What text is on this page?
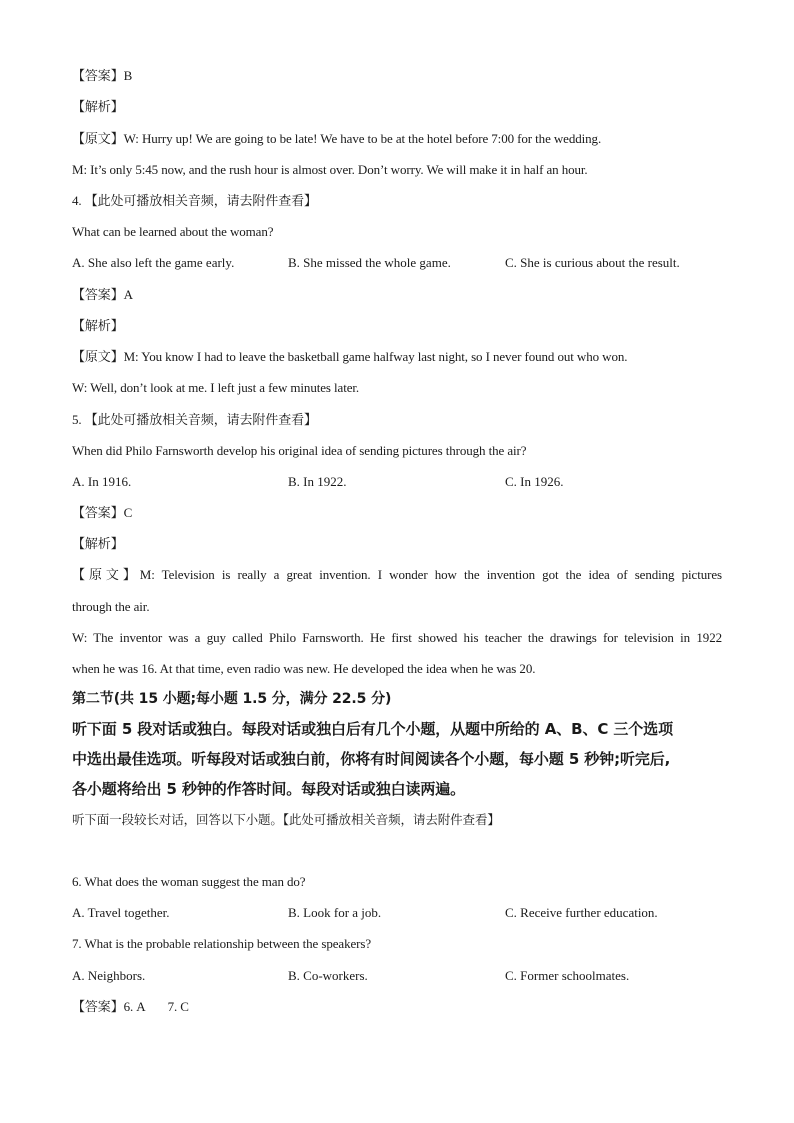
【答案】B
【解析】
【原文】W: Hurry up! We are going to be late! We have to be at the hotel before 7:00 for the wedding.
M: It’s only 5:45 now, and the rush hour is almost over. Don’t worry. We will make it in half an hour.
4. 【此处可播放相关音频，请去附件查看】
What can be learned about the woman?
A. She also left the game early.	B. She missed the whole game.	C. She is curious about the result.
【答案】A
【解析】
【原文】M: You know I had to leave the basketball game halfway last night, so I never found out who won.
W: Well, don’t look at me. I left just a few minutes later.
5. 【此处可播放相关音频，请去附件查看】
When did Philo Farnsworth develop his original idea of sending pictures through the air?
A. In 1916.	B. In 1922.	C. In 1926.
【答案】C
【解析】
【原文】M: Television is really a great invention. I wonder how the invention got the idea of sending pictures
through the air.
W: The inventor was a guy called Philo Farnsworth. He first showed his teacher the drawings for television in 1922
when he was 16. At that time, even radio was new. He developed the idea when he was 20.
第二节(共 15 小题;每小题 1.5 分，满分 22.5 分)
听下面 5 段对话或独白。每段对话或独白后有几个小题，从题中所给的 A、B、C 三个选项
中选出最佳选项。听每段对话或独白前，你将有时间阅读各个小题，每小题 5 秒钟;听完后,
各小题将给出 5 秒钟的作答时间。每段对话或独白读两遍。
听下面一段较长对话，回答以下小题。【此处可播放相关音频，请去附件查看】
6. What does the woman suggest the man do?
A. Travel together.	B. Look for a job.	C. Receive further education.
7. What is the probable relationship between the speakers?
A. Neighbors.	B. Co-workers.	C. Former schoolmates.
【答案】6. A 7. C
